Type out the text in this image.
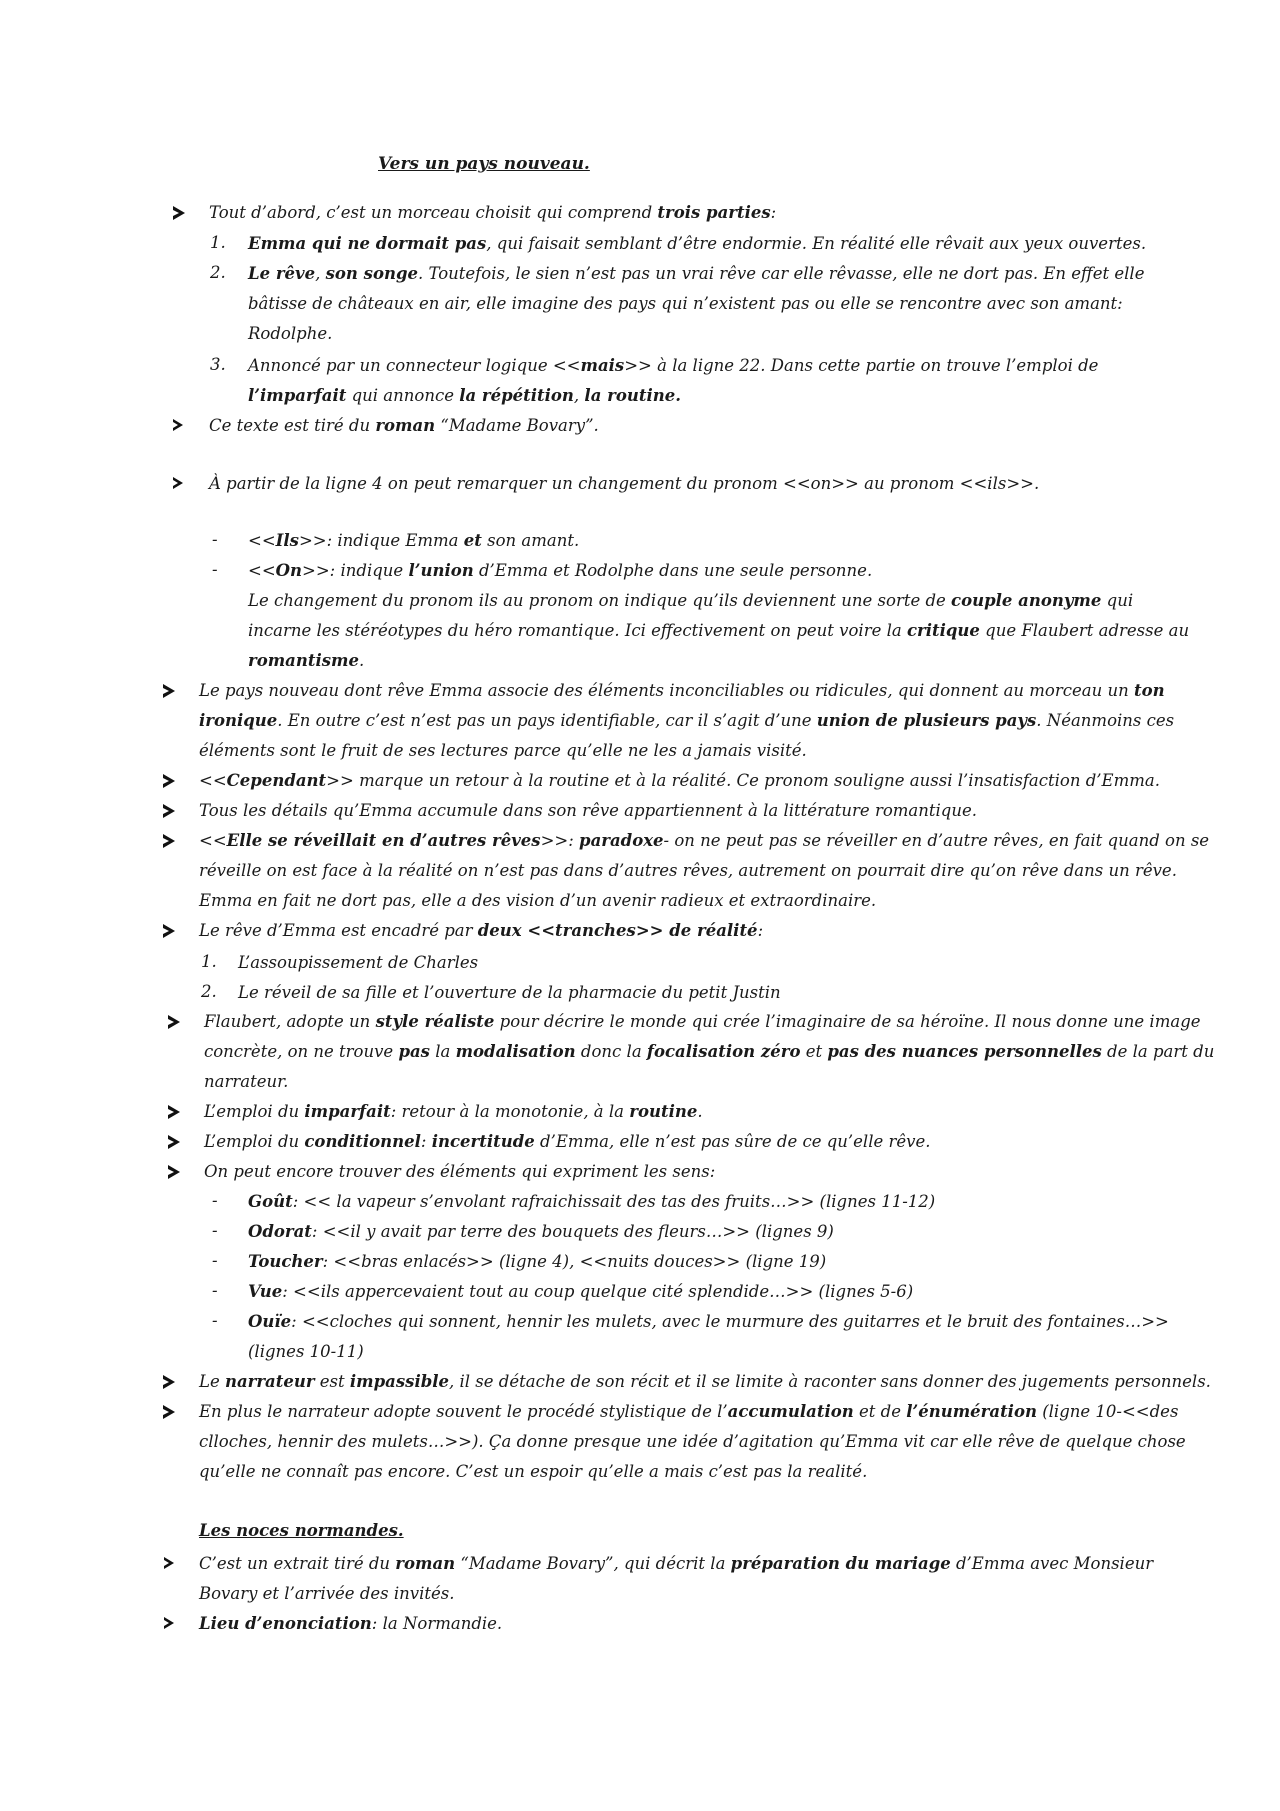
Vers un pays nouveau.
Tout d’abord, c’est un morceau choisit qui comprend trois parties:
1. Emma qui ne dormait pas, qui faisait semblant d’être endormie. En réalité elle rêvait aux yeux ouvertes.
2. Le rêve, son songe. Toutefois, le sien n’est pas un vrai rêve car elle rêvasse, elle ne dort pas. En effet elle
bâtisse de châteaux en air, elle imagine des pays qui n’existent pas ou elle se rencontre avec son amant:
Rodolphe.
3. Annoncé par un connecteur logique <<mais>> à la ligne 22. Dans cette partie on trouve l’emploi de
l’imparfait qui annonce la répétition, la routine.
Ce texte est tiré du roman “Madame Bovary”.
À partir de la ligne 4 on peut remarquer un changement du pronom <<on>> au pronom <<ils>>.
- <<Ils>>: indique Emma et son amant.
- <<On>>: indique l’union d’Emma et Rodolphe dans une seule personne.
Le changement du pronom ils au pronom on indique qu’ils deviennent une sorte de couple anonyme qui
incarne les stéréotypes du héro romantique. Ici effectivement on peut voire la critique que Flaubert adresse au
romantisme.
Le pays nouveau dont rêve Emma associe des éléments inconciliables ou ridicules, qui donnent au morceau un ton
ironique. En outre c’est n’est pas un pays identifiable, car il s’agit d’une union de plusieurs pays. Néanmoins ces
éléments sont le fruit de ses lectures parce qu’elle ne les a jamais visité.
<<Cependant>> marque un retour à la routine et à la réalité. Ce pronom souligne aussi l’insatisfaction d’Emma.
Tous les détails qu’Emma accumule dans son rêve appartiennent à la littérature romantique.
<<Elle se réveillait en d’autres rêves>>: paradoxe- on ne peut pas se réveiller en d’autre rêves, en fait quand on se
réveille on est face à la réalité on n’est pas dans d’autres rêves, autrement on pourrait dire qu’on rêve dans un rêve.
Emma en fait ne dort pas, elle a des vision d’un avenir radieux et extraordinaire.
Le rêve d’Emma est encadré par deux <<tranches>> de réalité:
1. L’assoupissement de Charles
2. Le réveil de sa fille et l’ouverture de la pharmacie du petit Justin
Flaubert, adopte un style réaliste pour décrire le monde qui crée l’imaginaire de sa héroïne. Il nous donne une image
concrète, on ne trouve pas la modalisation donc la focalisation zéro et pas des nuances personnelles de la part du
narrateur.
L’emploi du imparfait: retour à la monotonie, à la routine.
L’emploi du conditionnel: incertitude d’Emma, elle n’est pas sûre de ce qu’elle rêve.
On peut encore trouver des éléments qui expriment les sens:
- Goût: << la vapeur s’envolant rafraichissait des tas des fruits…>> (lignes 11-12)
- Odorat: <<il y avait par terre des bouquets des fleurs…>> (lignes 9)
- Toucher: <<bras enlacés>> (ligne 4), <<nuits douces>> (ligne 19)
- Vue: <<ils appercevaient tout au coup quelque cité splendide…>> (lignes 5-6)
- Ouïe: <<cloches qui sonnent, hennir les mulets, avec le murmure des guitarres et le bruit des fontaines…>>
(lignes 10-11)
Le narrateur est impassible, il se détache de son récit et il se limite à raconter sans donner des jugements personnels.
En plus le narrateur adopte souvent le procédé stylistique de l’accumulation et de l’énumération (ligne 10-<<des
clloches, hennir des mulets…>>). Ça donne presque une idée d’agitation qu’Emma vit car elle rêve de quelque chose
qu’elle ne connaît pas encore. C’est un espoir qu’elle a mais c’est pas la realité.
Les noces normandes.
C’est un extrait tiré du roman “Madame Bovary”, qui décrit la préparation du mariage d’Emma avec Monsieur
Bovary et l’arrivée des invités.
Lieu d’enonciation: la Normandie.
